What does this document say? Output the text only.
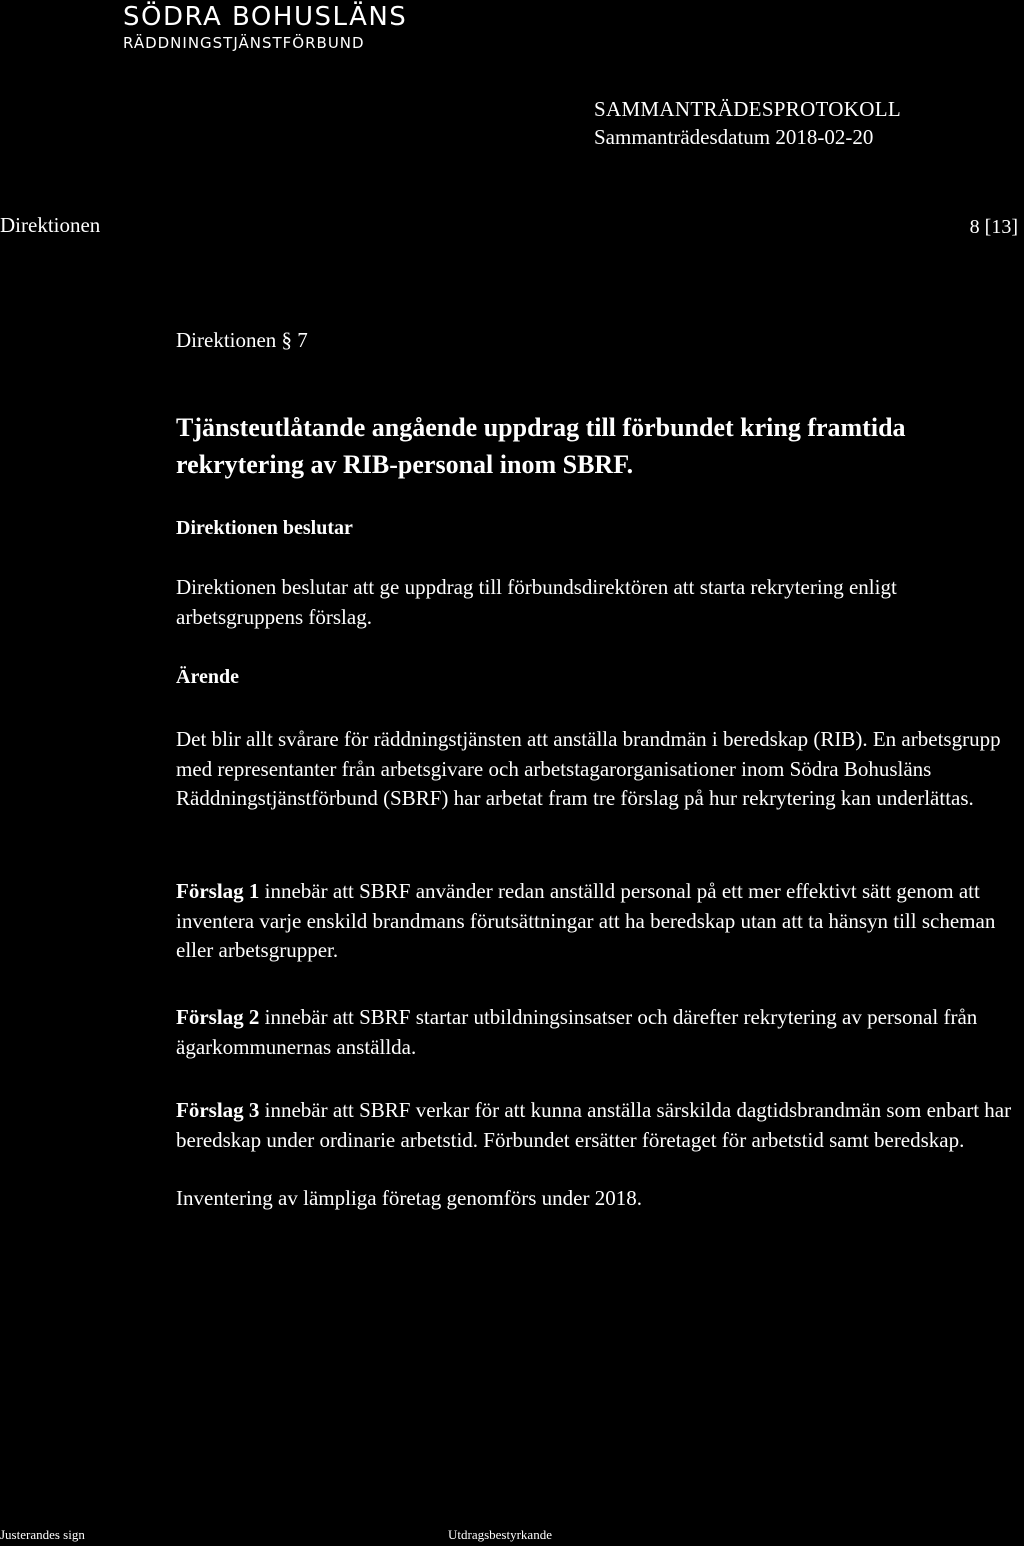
SÖDRA BOHUSLÄNS
RÄDDNINGSTJÄNSTFÖRBUND
SAMMANTRÄDESPROTOKOLL
Sammanträdesdatum 2018-02-20
Direktionen	8 [13]
Direktionen § 7
Tjänsteutlåtande angående uppdrag till förbundet kring framtida rekrytering av RIB-personal inom SBRF.
Direktionen beslutar
Direktionen beslutar att ge uppdrag till förbundsdirektören att starta rekrytering enligt arbetsgruppens förslag.
Ärende
Det blir allt svårare för räddningstjänsten att anställa brandmän i beredskap (RIB). En arbetsgrupp med representanter från arbetsgivare och arbetstagarorganisationer inom Södra Bohusläns Räddningstjänstförbund (SBRF) har arbetat fram tre förslag på hur rekrytering kan underlättas.
Förslag 1 innebär att SBRF använder redan anställd personal på ett mer effektivt sätt genom att inventera varje enskild brandmans förutsättningar att ha beredskap utan att ta hänsyn till scheman eller arbetsgrupper.
Förslag 2 innebär att SBRF startar utbildningsinsatser och därefter rekrytering av personal från ägarkommunernas anställda.
Förslag 3 innebär att SBRF verkar för att kunna anställa särskilda dagtidsbrandmän som enbart har beredskap under ordinarie arbetstid. Förbundet ersätter företaget för arbetstid samt beredskap.
Inventering av lämpliga företag genomförs under 2018.
Justerandes sign	Utdragsbestyrkande
